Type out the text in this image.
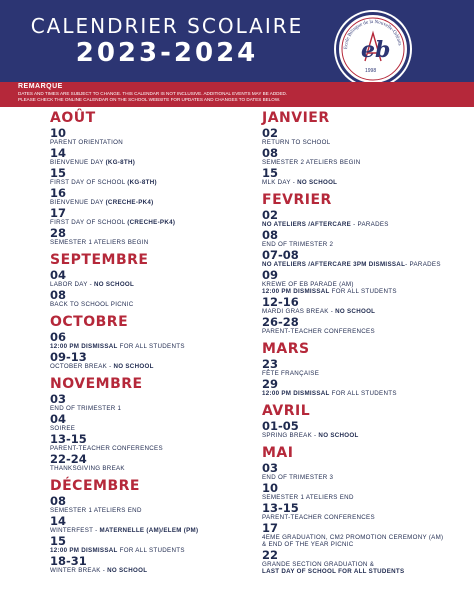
CALENDRIER SCOLAIRE
2023-2024	Ecole Bilingue de la Nouvelle-Orléans
1998
eb
REMARQUE
DATES AND TIMES ARE SUBJECT TO CHANGE. THIS CALENDAR IS NOT INCLUSIVE. ADDITIONAL EVENTS MAY BE ADDED.
PLEASE CHECK THE ONLINE CALENDAR ON THE SCHOOL WEBSITE FOR UPDATES AND CHANGES TO DATES BELOW.
AOÛT
10
PARENT ORIENTATION
14
BIENVENUE DAY (KG-8TH)
15
FIRST DAY OF SCHOOL (KG-8TH)
16
BIENVENUE DAY (CRECHE-PK4)
17
FIRST DAY OF SCHOOL (CRECHE-PK4)
28
SEMESTER 1 ATELIERS BEGIN
SEPTEMBRE
04
LABOR DAY - NO SCHOOL
08
BACK TO SCHOOL PICNIC
OCTOBRE
06
12:00 PM DISMISSAL FOR ALL STUDENTS
09-13
OCTOBER BREAK - NO SCHOOL
NOVEMBRE
03
END OF TRIMESTER 1
04
SOIREE
13-15
PARENT-TEACHER CONFERENCES
22-24
THANKSGIVING BREAK
DÉCEMBRE
08
SEMESTER 1 ATELIERS END
14
WINTERFEST - MATERNELLE (AM)/ELEM (PM)
15
12:00 PM DISMISSAL FOR ALL STUDENTS
18-31
WINTER BREAK - NO SCHOOL
JANVIER
02
RETURN TO SCHOOL
08
SEMESTER 2 ATELIERS BEGIN
15
MLK DAY - NO SCHOOL
FEVRIER
02
NO ATELIERS /AFTERCARE - PARADES
08
END OF TRIMESTER 2
07-08
NO ATELIERS /AFTERCARE 3PM DISMISSAL- PARADES
09
KREWE OF EB PARADE (AM)
12:00 PM DISMISSAL FOR ALL STUDENTS
12-16
MARDI GRAS BREAK - NO SCHOOL
26-28
PARENT-TEACHER CONFERENCES
MARS
23
FÊTE FRANÇAISE
29
12:00 PM DISMISSAL FOR ALL STUDENTS
AVRIL
01-05
SPRING BREAK - NO SCHOOL
MAI
03
END OF TRIMESTER 3
10
SEMESTER 1 ATELIERS END
13-15
PARENT-TEACHER CONFERENCES
17
4EME GRADUATION, CM2 PROMOTION CEREMONY (AM)
& END OF THE YEAR PICNIC
22
GRANDE SECTION GRADUATION &
LAST DAY OF SCHOOL FOR ALL STUDENTS
